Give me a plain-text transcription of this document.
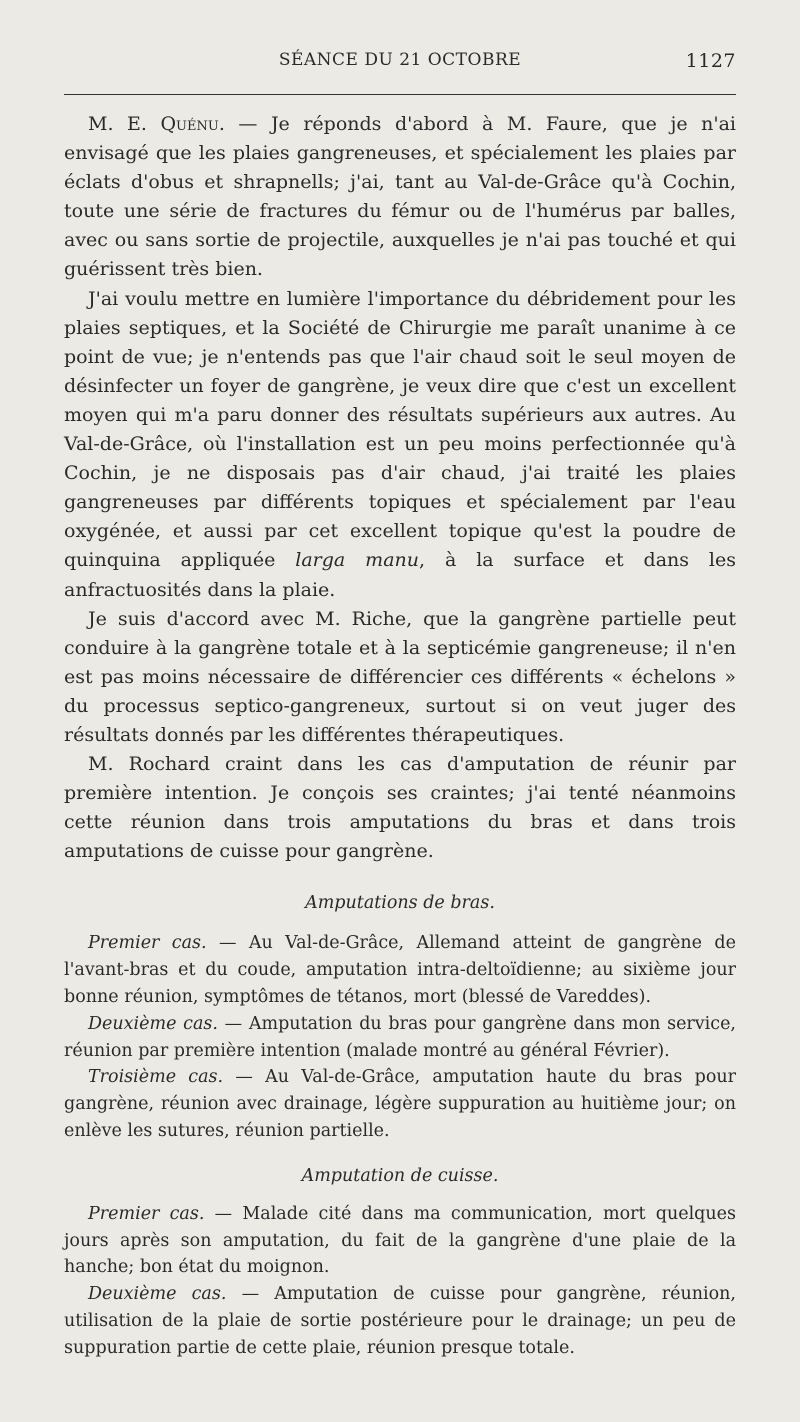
SÉANCE DU 21 OCTOBRE	1127

M. E. Quénu. — Je réponds d'abord à M. Faure, que je n'ai envisagé que les plaies gangreneuses, et spécialement les plaies par éclats d'obus et shrapnells; j'ai, tant au Val-de-Grâce qu'à Cochin, toute une série de fractures du fémur ou de l'humérus par balles, avec ou sans sortie de projectile, auxquelles je n'ai pas touché et qui guérissent très bien.

J'ai voulu mettre en lumière l'importance du débridement pour les plaies septiques, et la Société de Chirurgie me paraît unanime à ce point de vue; je n'entends pas que l'air chaud soit le seul moyen de désinfecter un foyer de gangrène, je veux dire que c'est un excellent moyen qui m'a paru donner des résultats supérieurs aux autres. Au Val-de-Grâce, où l'installation est un peu moins perfectionnée qu'à Cochin, je ne disposais pas d'air chaud, j'ai traité les plaies gangreneuses par différents topiques et spécialement par l'eau oxygénée, et aussi par cet excellent topique qu'est la poudre de quinquina appliquée larga manu, à la surface et dans les anfractuosités dans la plaie.

Je suis d'accord avec M. Riche, que la gangrène partielle peut conduire à la gangrène totale et à la septicémie gangreneuse; il n'en est pas moins nécessaire de différencier ces différents « échelons » du processus septico-gangreneux, surtout si on veut juger des résultats donnés par les différentes thérapeutiques.

M. Rochard craint dans les cas d'amputation de réunir par première intention. Je conçois ses craintes; j'ai tenté néanmoins cette réunion dans trois amputations du bras et dans trois amputations de cuisse pour gangrène.

Amputations de bras.

Premier cas. — Au Val-de-Grâce, Allemand atteint de gangrène de l'avant-bras et du coude, amputation intra-deltoïdienne; au sixième jour bonne réunion, symptômes de tétanos, mort (blessé de Vareddes).

Deuxième cas. — Amputation du bras pour gangrène dans mon service, réunion par première intention (malade montré au général Février).

Troisième cas. — Au Val-de-Grâce, amputation haute du bras pour gangrène, réunion avec drainage, légère suppuration au huitième jour; on enlève les sutures, réunion partielle.

Amputation de cuisse.

Premier cas. — Malade cité dans ma communication, mort quelques jours après son amputation, du fait de la gangrène d'une plaie de la hanche; bon état du moignon.

Deuxième cas. — Amputation de cuisse pour gangrène, réunion, utilisation de la plaie de sortie postérieure pour le drainage; un peu de suppuration partie de cette plaie, réunion presque totale.
